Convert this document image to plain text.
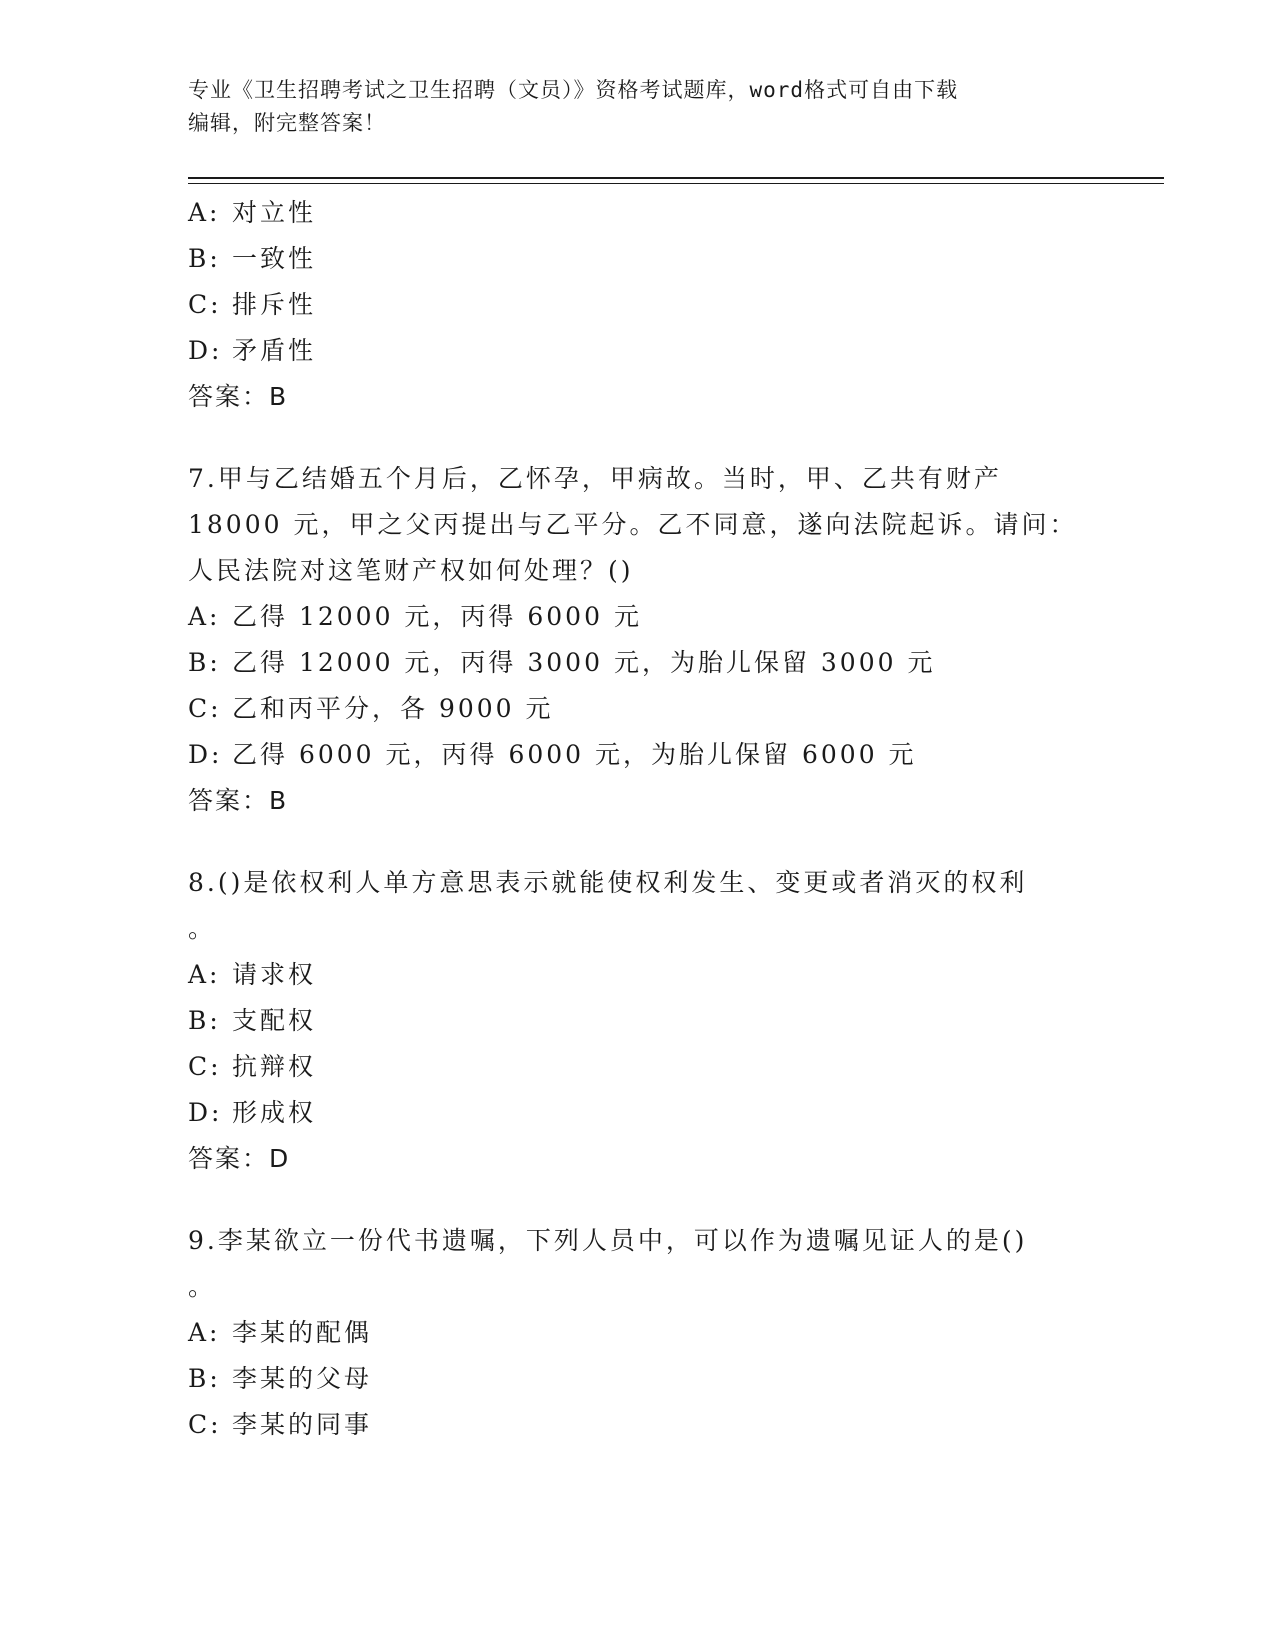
专业《卫生招聘考试之卫生招聘（文员）》资格考试题库，word格式可自由下载
编辑，附完整答案！
A: 对立性
B: 一致性
C: 排斥性
D: 矛盾性
答案：B
7.甲与乙结婚五个月后，乙怀孕，甲病故。当时，甲、乙共有财产
18000 元，甲之父丙提出与乙平分。乙不同意，遂向法院起诉。请问：
人民法院对这笔财产权如何处理？()
A: 乙得 12000 元，丙得 6000 元
B: 乙得 12000 元，丙得 3000 元，为胎儿保留 3000 元
C: 乙和丙平分，各 9000 元
D: 乙得 6000 元，丙得 6000 元，为胎儿保留 6000 元
答案：B
8.()是依权利人单方意思表示就能使权利发生、变更或者消灭的权利
。
A: 请求权
B: 支配权
C: 抗辩权
D: 形成权
答案：D
9.李某欲立一份代书遗嘱，下列人员中，可以作为遗嘱见证人的是()
。
A: 李某的配偶
B: 李某的父母
C: 李某的同事
